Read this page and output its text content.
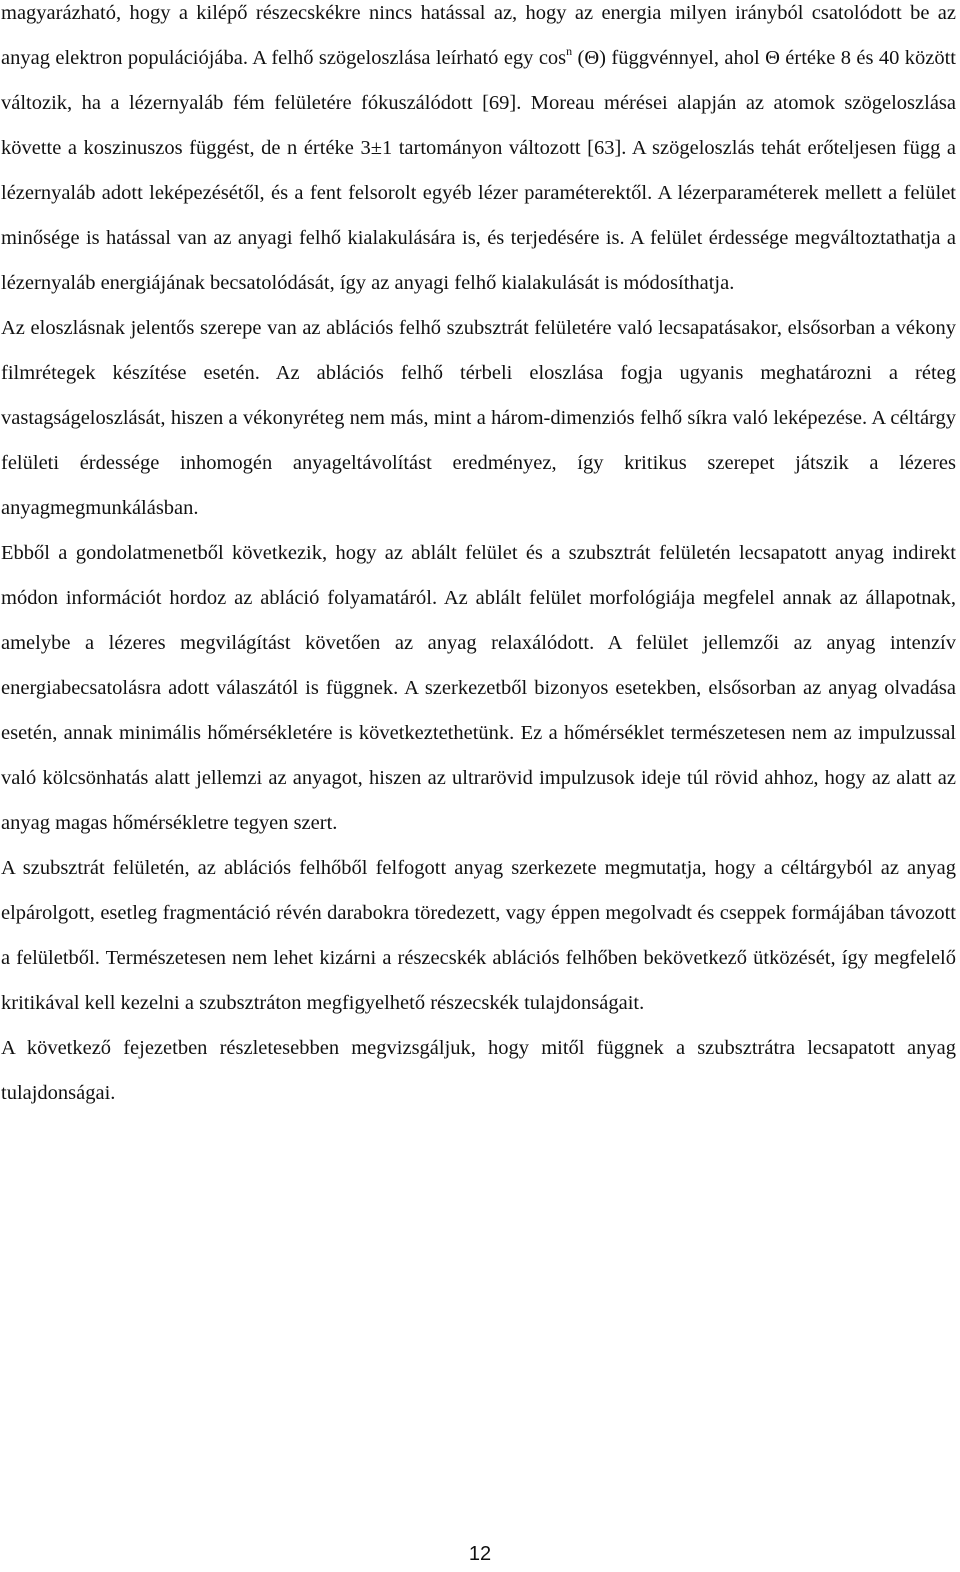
magyarázható, hogy a kilépő részecskékre nincs hatással az, hogy az energia milyen irányból csatolódott be az anyag elektron populációjába. A felhő szögeloszlása leírható egy $\cos^n (\Theta)$ függvénnyel, ahol Θ értéke 8 és 40 között változik, ha a lézernyaláb fém felületére fókuszálódott [69]. Moreau mérései alapján az atomok szögeloszlása követte a koszinuszos függést, de n értéke 3±1 tartományon változott [63]. A szögeloszlás tehát erőteljesen függ a lézernyaláb adott leképezésétől, és a fent felsorolt egyéb lézer paraméterektől. A lézerparaméterek mellett a felület minősége is hatással van az anyagi felhő kialakulására is, és terjedésére is. A felület érdessége megváltoztathatja a lézernyaláb energiájának becsatolódását, így az anyagi felhő kialakulását is módosíthatja.

Az eloszlásnak jelentős szerepe van az ablációs felhő szubsztrát felületére való lecsapatásakor, elsősorban a vékony filmrétegek készítése esetén. Az ablációs felhő térbeli eloszlása fogja ugyanis meghatározni a réteg vastagságeloszlását, hiszen a vékonyréteg nem más, mint a három-dimenziós felhő síkra való leképezése. A céltárgy felületi érdessége inhomogén anyageltávolítást eredményez, így kritikus szerepet játszik a lézeres anyagmegmunkálásban.

Ebből a gondolatmenetből következik, hogy az ablált felület és a szubsztrát felületén lecsapatott anyag indirekt módon információt hordoz az abláció folyamatáról. Az ablált felület morfológiája megfelel annak az állapotnak, amelybe a lézeres megvilágítást követően az anyag relaxálódott. A felület jellemzői az anyag intenzív energiabecsatolásra adott válaszától is függnek. A szerkezetből bizonyos esetekben, elsősorban az anyag olvadása esetén, annak minimális hőmérsékletére is következtethetünk. Ez a hőmérséklet természetesen nem az impulzussal való kölcsönhatás alatt jellemzi az anyagot, hiszen az ultrarövid impulzusok ideje túl rövid ahhoz, hogy az alatt az anyag magas hőmérsékletre tegyen szert.

A szubsztrát felületén, az ablációs felhőből felfogott anyag szerkezete megmutatja, hogy a céltárgyból az anyag elpárolgott, esetleg fragmentáció révén darabokra töredezett, vagy éppen megolvadt és cseppek formájában távozott a felületből. Természetesen nem lehet kizárni a részecskék ablációs felhőben bekövetkező ütközését, így megfelelő kritikával kell kezelni a szubsztráton megfigyelhető részecskék tulajdonságait.

A következő fejezetben részletesebben megvizsgáljuk, hogy mitől függnek a szubsztrátra lecsapatott anyag tulajdonságai.

12
